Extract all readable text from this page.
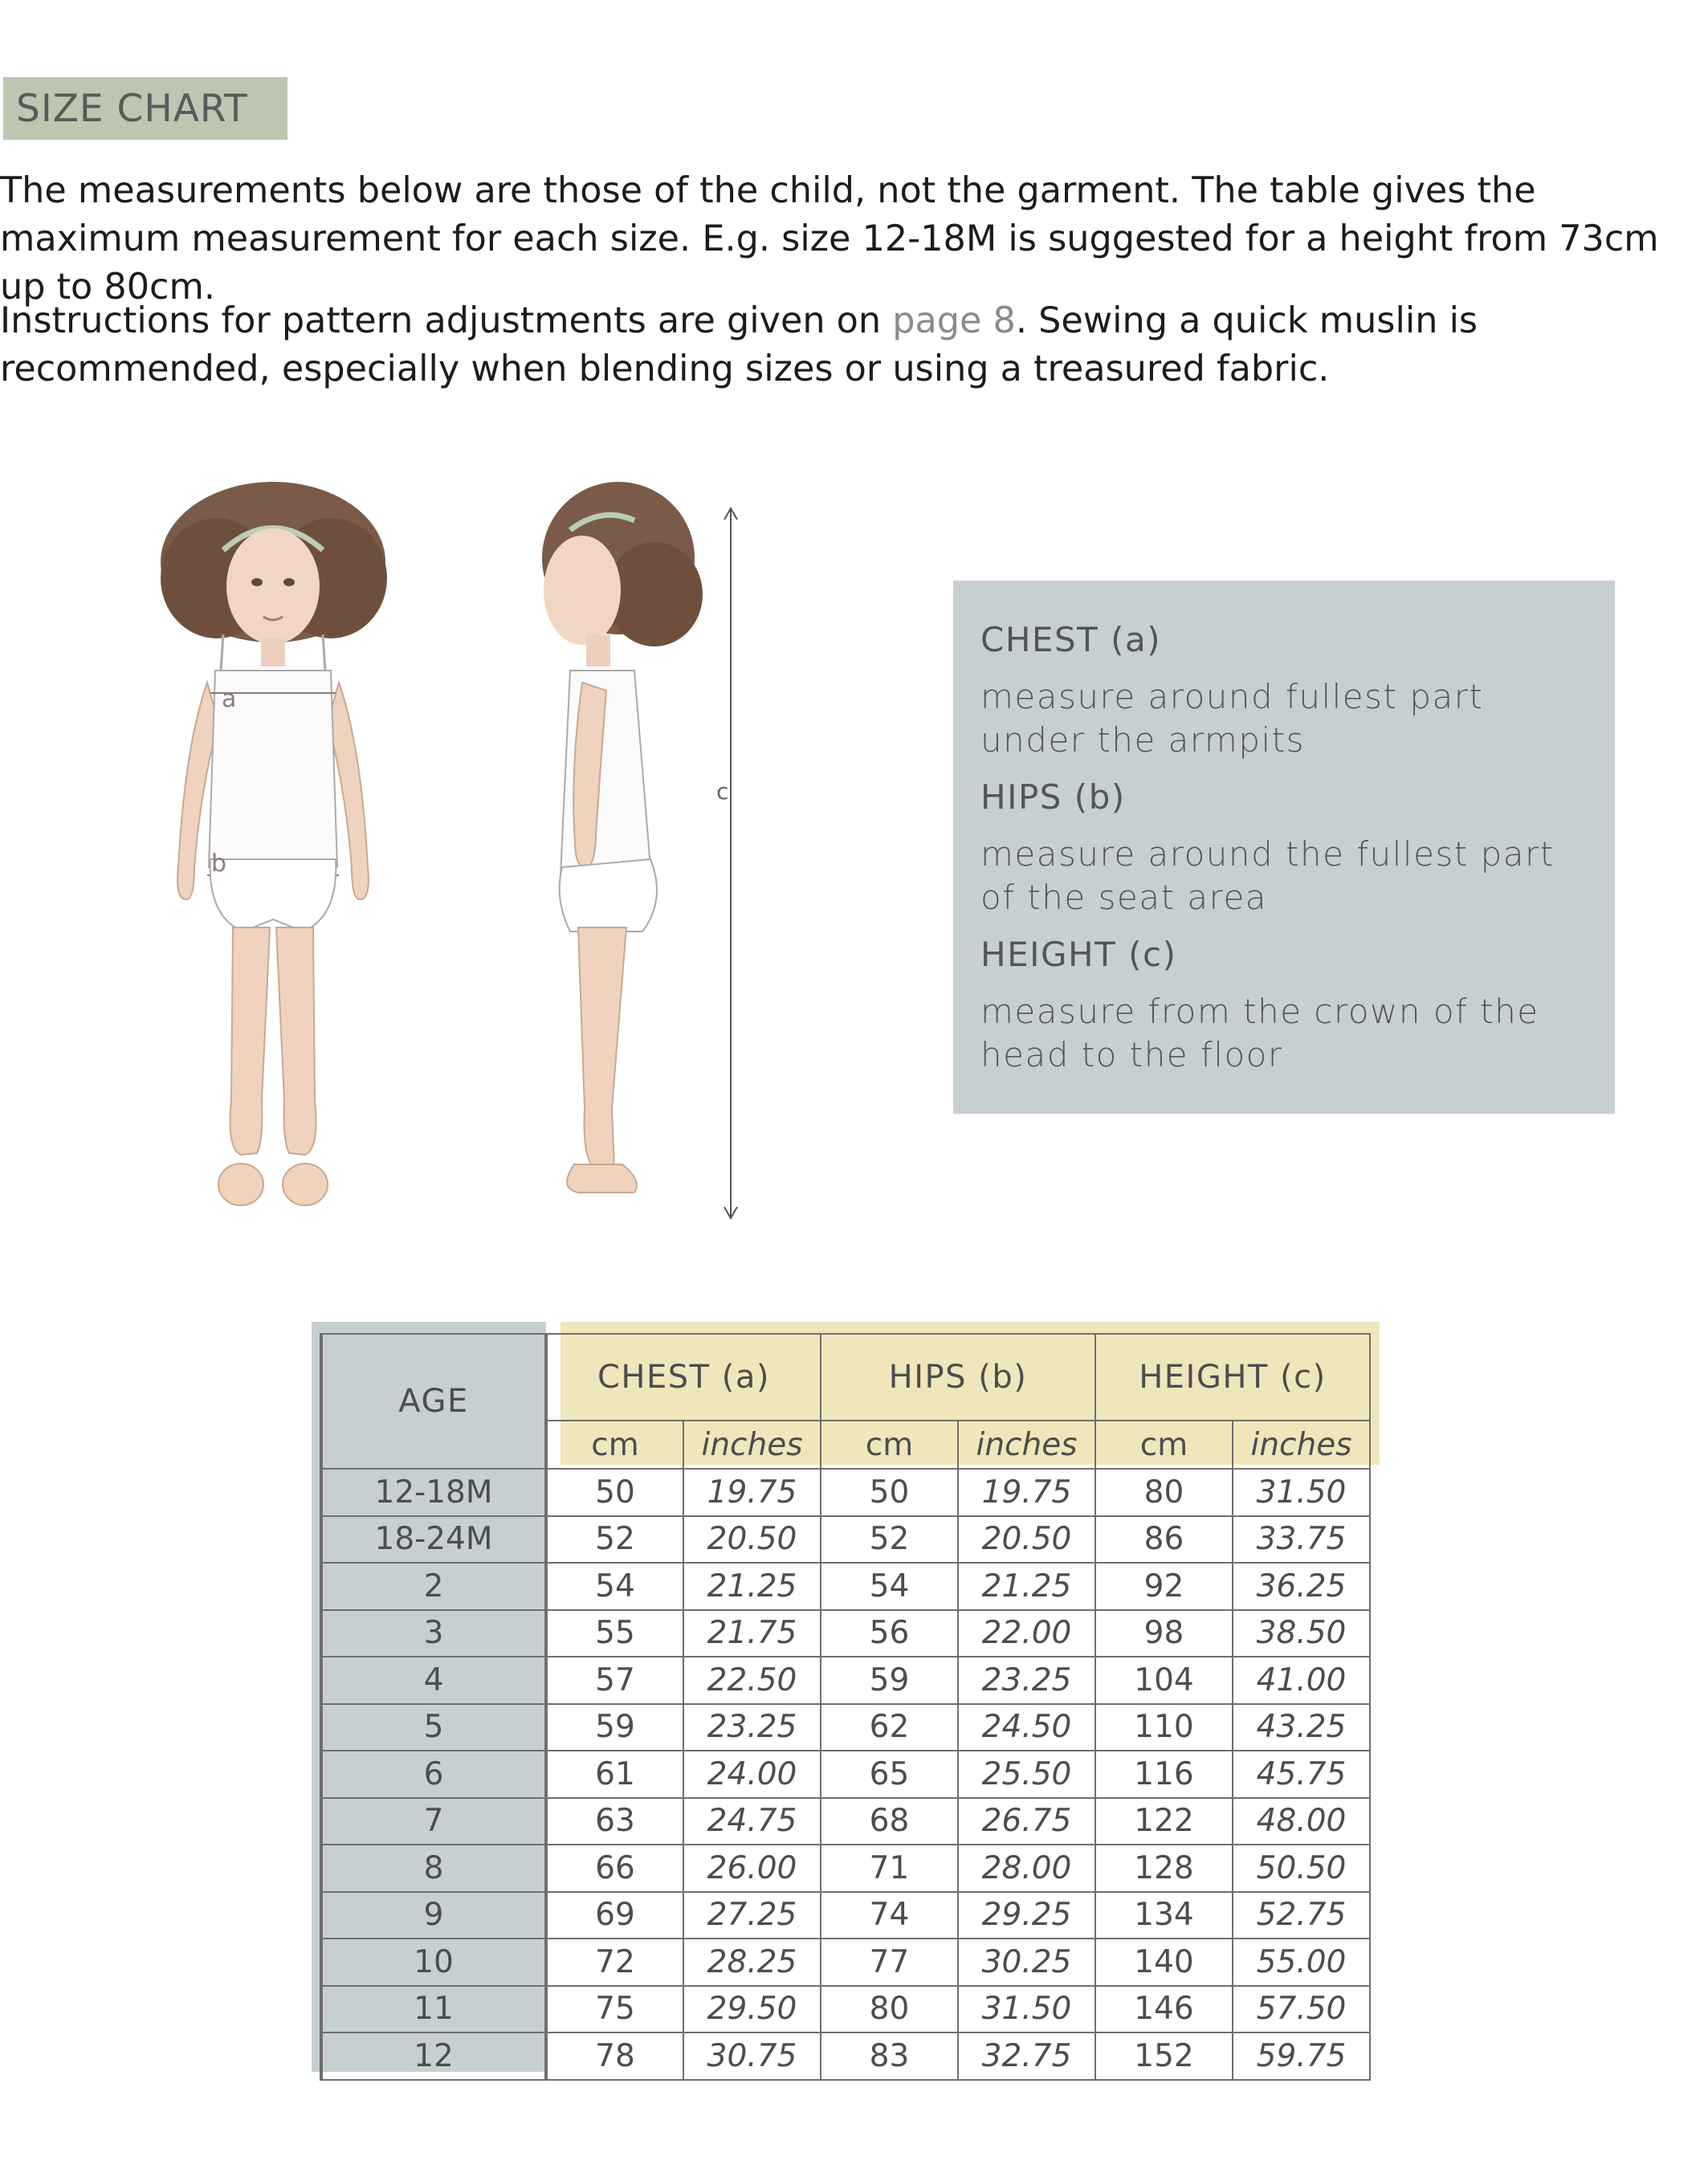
SIZE CHART

The measurements below are those of the child, not the garment. The table gives the maximum measurement for each size. E.g. size 12-18M is suggested for a height from 73cm up to 80cm.

Instructions for pattern adjustments are given on page 8. Sewing a quick muslin is recommended, especially when blending sizes or using a treasured fabric.

a
b
c

CHEST (a)

measure around fullest part under the armpits

HIPS (b)

measure around the fullest part of the seat area

HEIGHT (c)

measure from the crown of the head to the floor

AGE	CHEST (a)		HIPS (b)		HEIGHT (c)	
	cm	inches	cm	inches	cm	inches
12-18M	50	19.75	50	19.75	80	31.50
18-24M	52	20.50	52	20.50	86	33.75
2	54	21.25	54	21.25	92	36.25
3	55	21.75	56	22.00	98	38.50
4	57	22.50	59	23.25	104	41.00
5	59	23.25	62	24.50	110	43.25
6	61	24.00	65	25.50	116	45.75
7	63	24.75	68	26.75	122	48.00
8	66	26.00	71	28.00	128	50.50
9	69	27.25	74	29.25	134	52.75
10	72	28.25	77	30.25	140	55.00
11	75	29.50	80	31.50	146	57.50
12	78	30.75	83	32.75	152	59.75
